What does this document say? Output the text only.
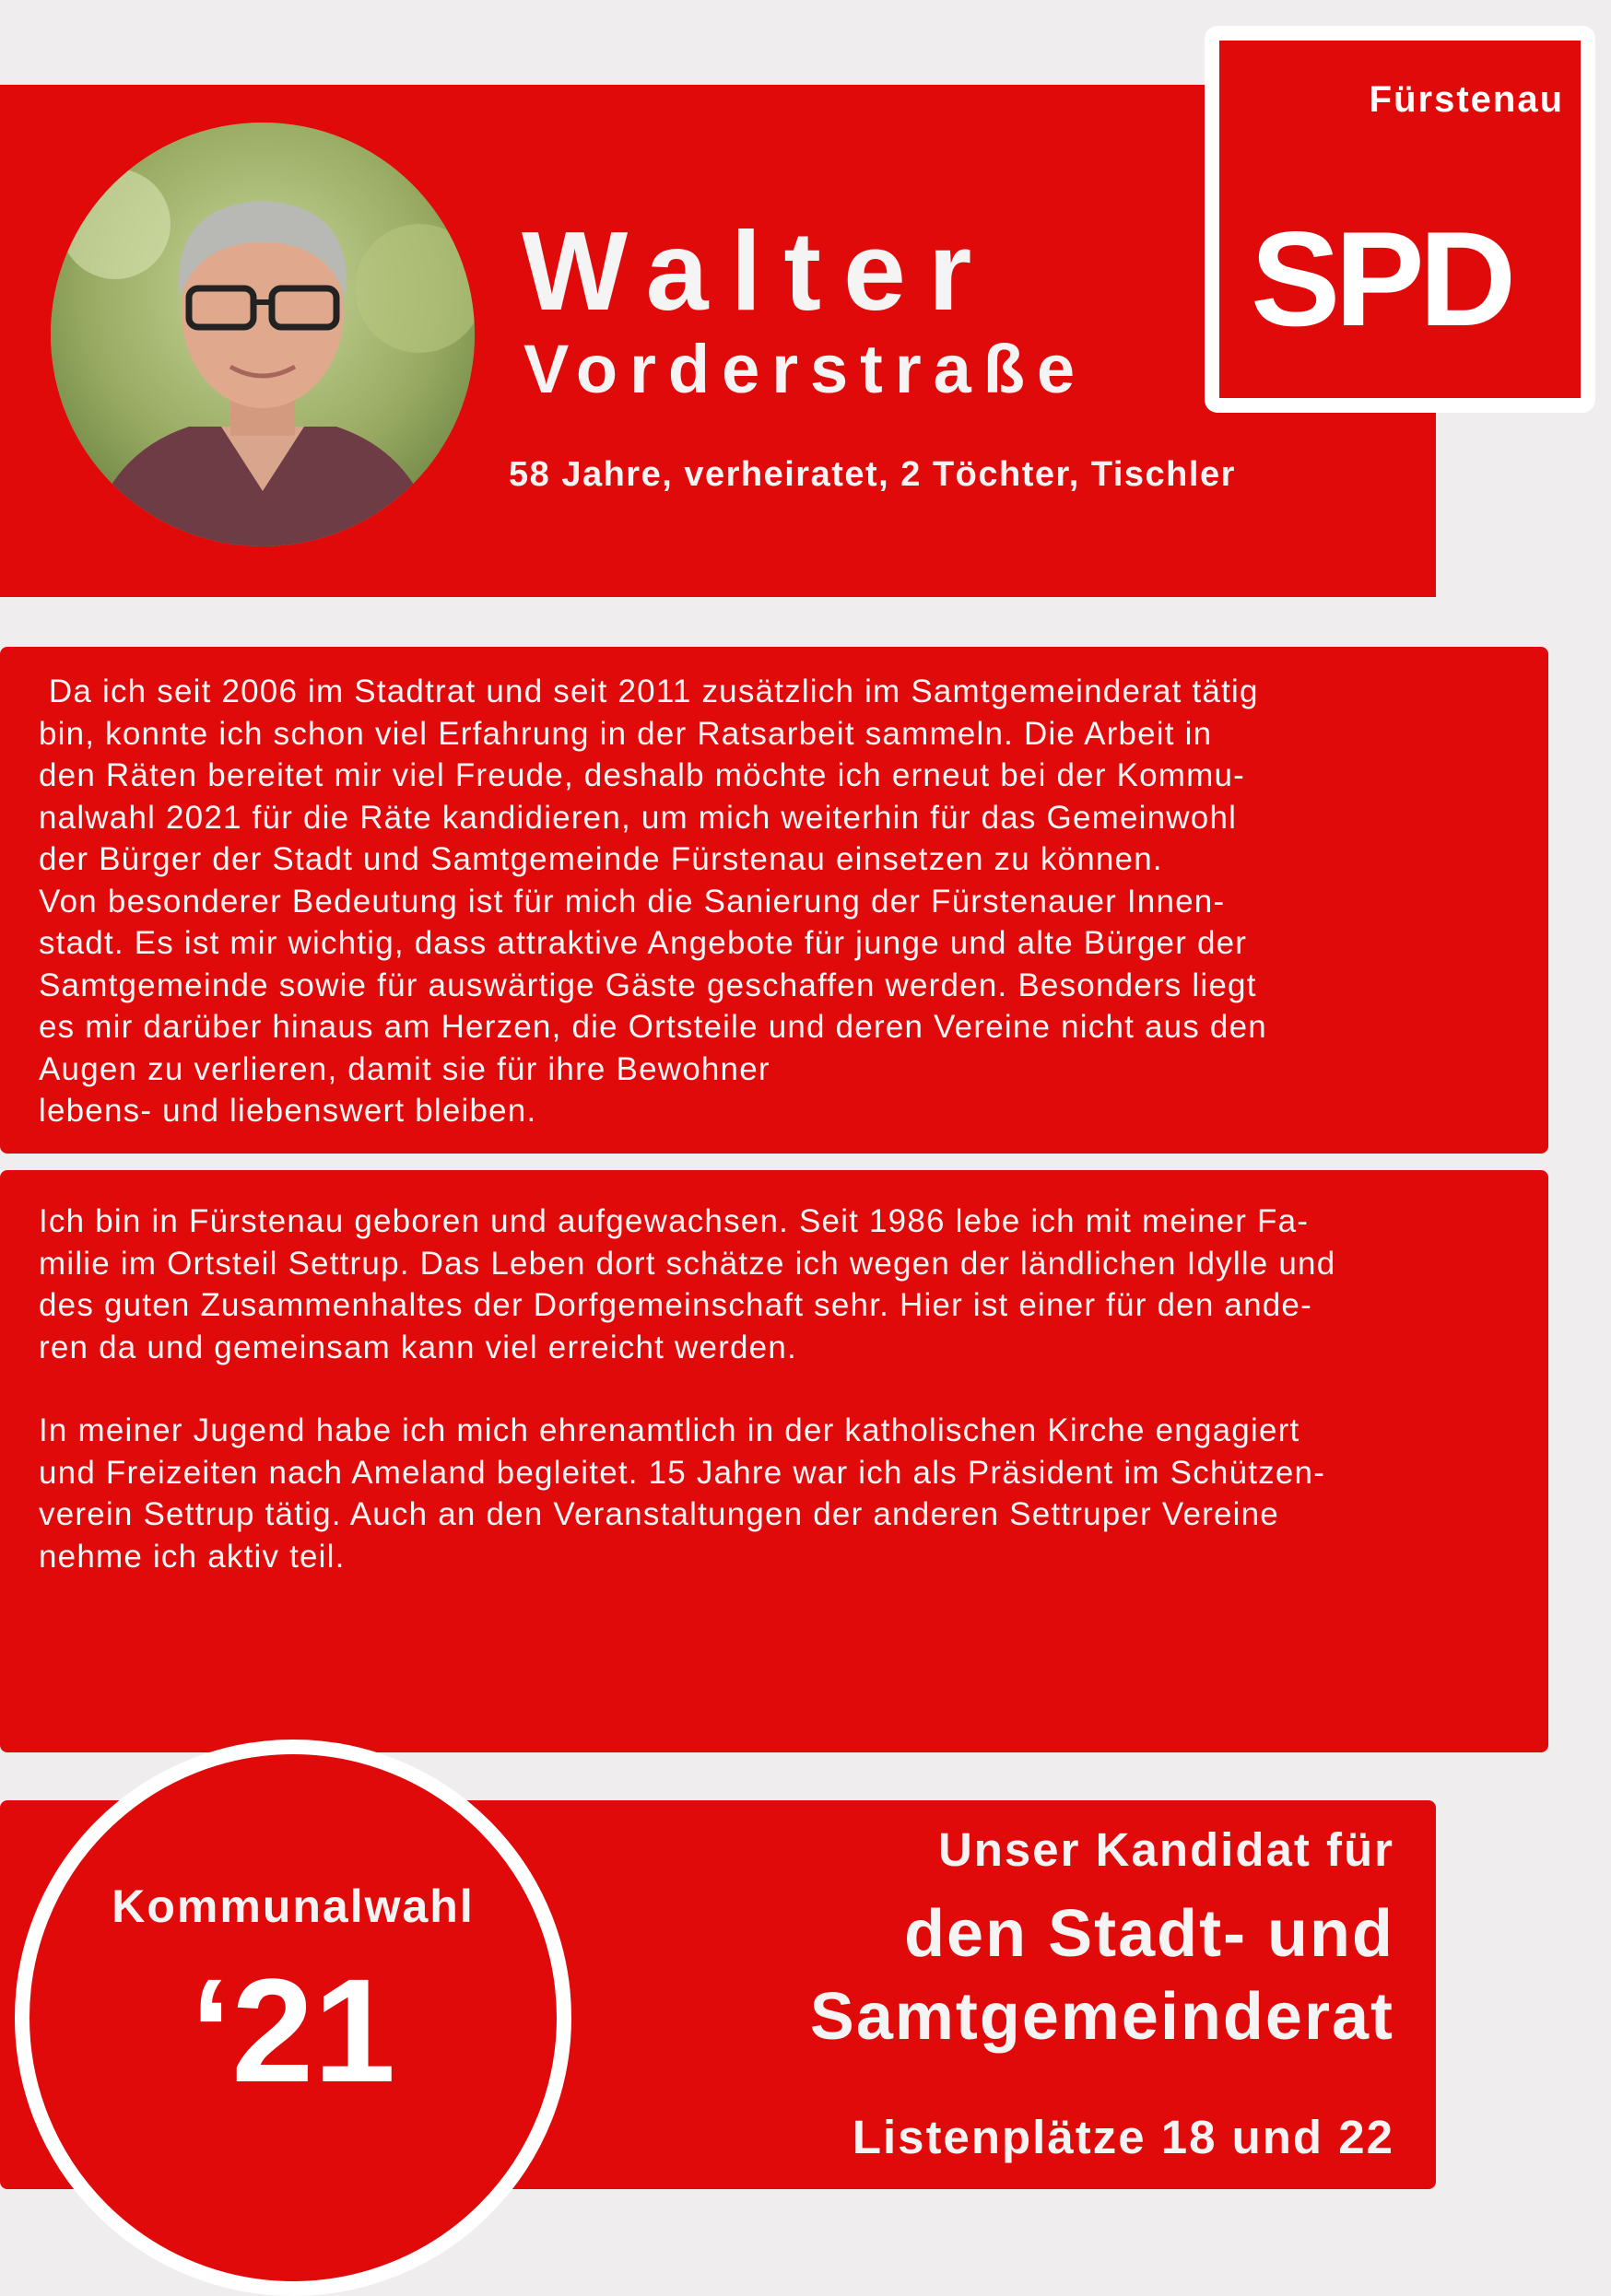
Walter
Vorderstraße
58 Jahre, verheiratet, 2 Töchter, Tischler
Fürstenau
SPD

Da ich seit 2006 im Stadtrat und seit 2011 zusätzlich im Samtgemeinderat tätig

bin, konnte ich schon viel Erfahrung in der Ratsarbeit sammeln. Die Arbeit in

den Räten bereitet mir viel Freude, deshalb möchte ich erneut bei der Kommu-

nalwahl 2021 für die Räte kandidieren, um mich weiterhin für das Gemeinwohl

der Bürger der Stadt und Samtgemeinde Fürstenau einsetzen zu können.

Von besonderer Bedeutung ist für mich die Sanierung der Fürstenauer Innen-

stadt. Es ist mir wichtig, dass attraktive Angebote für junge und alte Bürger der

Samtgemeinde sowie für auswärtige Gäste geschaffen werden. Besonders liegt

es mir darüber hinaus am Herzen, die Ortsteile und deren Vereine nicht aus den

Augen zu verlieren, damit sie für ihre Bewohner

lebens- und liebenswert bleiben.

Ich bin in Fürstenau geboren und aufgewachsen. Seit 1986 lebe ich mit meiner Fa-

milie im Ortsteil Settrup. Das Leben dort schätze ich wegen der ländlichen Idylle und

des guten Zusammenhaltes der Dorfgemeinschaft sehr. Hier ist einer für den ande-

ren da und gemeinsam kann viel erreicht werden.

In meiner Jugend habe ich mich ehrenamtlich in der katholischen Kirche engagiert

und Freizeiten nach Ameland begleitet. 15 Jahre war ich als Präsident im Schützen-

verein Settrup tätig. Auch an den Veranstaltungen der anderen Settruper Vereine

nehme ich aktiv teil.

Kommunalwahl
‘21
Unser Kandidat für
den Stadt- und
Samtgemeinderat
Listenplätze 18 und 22
